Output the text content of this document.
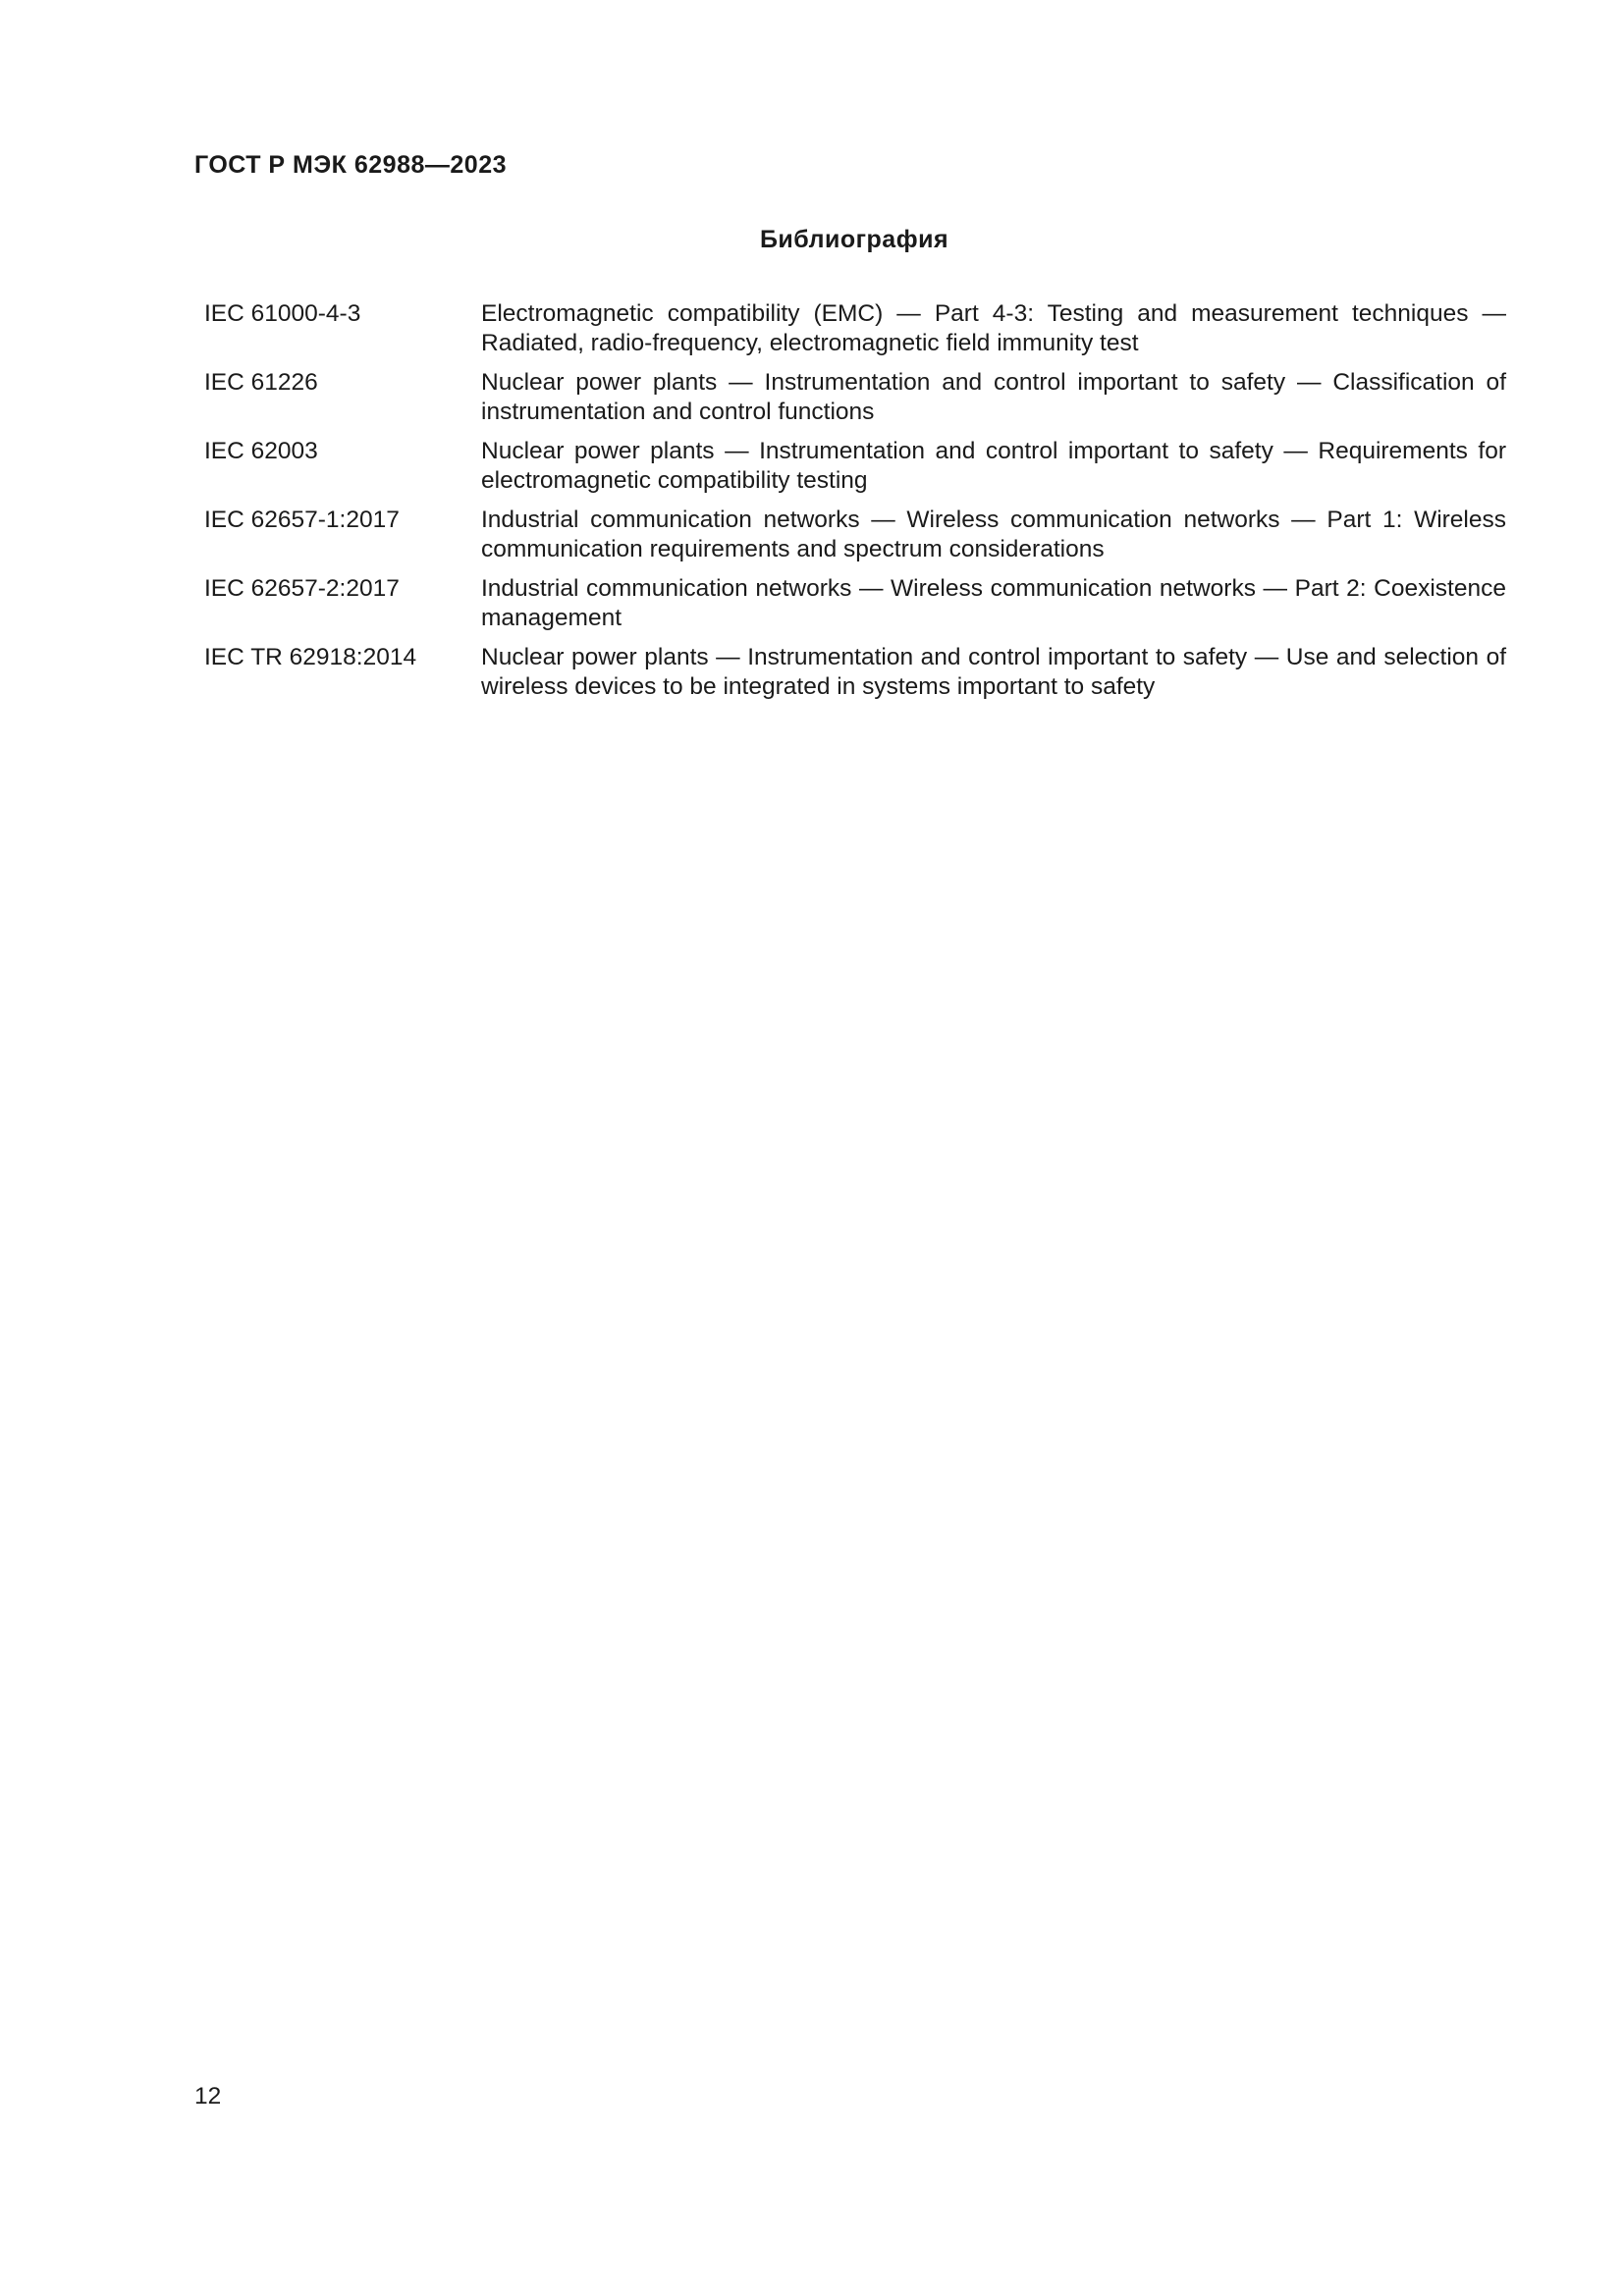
ГОСТ Р МЭК 62988—2023
Библиография
IEC 61000-4-3	Electromagnetic compatibility (EMC) — Part 4-3: Testing and measurement techniques — Radiated, radio-frequency, electromagnetic field immunity test
IEC 61226	Nuclear power plants — Instrumentation and control important to safety — Classification of instrumentation and control functions
IEC 62003	Nuclear power plants — Instrumentation and control important to safety — Requirements for electromagnetic compatibility testing
IEC 62657-1:2017	Industrial communication networks — Wireless communication networks — Part 1: Wireless communication requirements and spectrum considerations
IEC 62657-2:2017	Industrial communication networks — Wireless communication networks — Part 2: Coexistence management
IEC TR 62918:2014	Nuclear power plants — Instrumentation and control important to safety — Use and selection of wireless devices to be integrated in systems important to safety

12
